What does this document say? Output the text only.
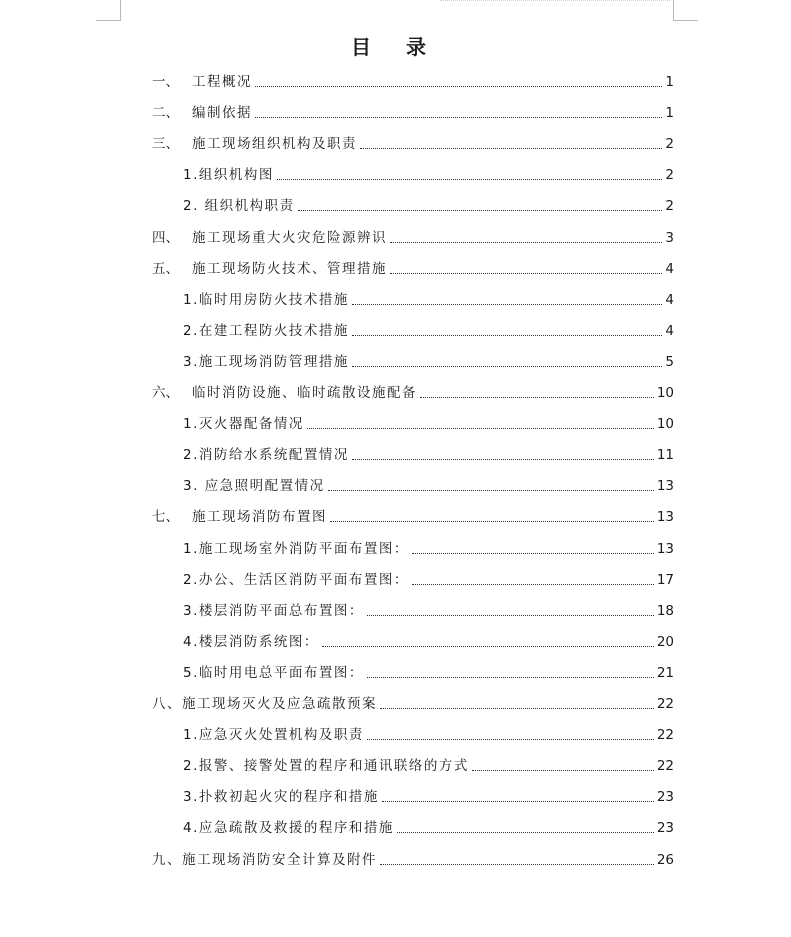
目 录
一、 工程概况	1
二、 编制依据	1
三、 施工现场组织机构及职责	2
1.组织机构图	2
2. 组织机构职责	2
四、 施工现场重大火灾危险源辨识	3
五、 施工现场防火技术、管理措施	4
1.临时用房防火技术措施	4
2.在建工程防火技术措施	4
3.施工现场消防管理措施	5
六、 临时消防设施、临时疏散设施配备	10
1.灭火器配备情况	10
2.消防给水系统配置情况	11
3. 应急照明配置情况	13
七、 施工现场消防布置图	13
1.施工现场室外消防平面布置图：	13
2.办公、生活区消防平面布置图：	17
3.楼层消防平面总布置图：	18
4.楼层消防系统图：	20
5.临时用电总平面布置图：	21
八、施工现场灭火及应急疏散预案	22
1.应急灭火处置机构及职责	22
2.报警、接警处置的程序和通讯联络的方式	22
3.扑救初起火灾的程序和措施	23
4.应急疏散及救援的程序和措施	23
九、施工现场消防安全计算及附件	26
